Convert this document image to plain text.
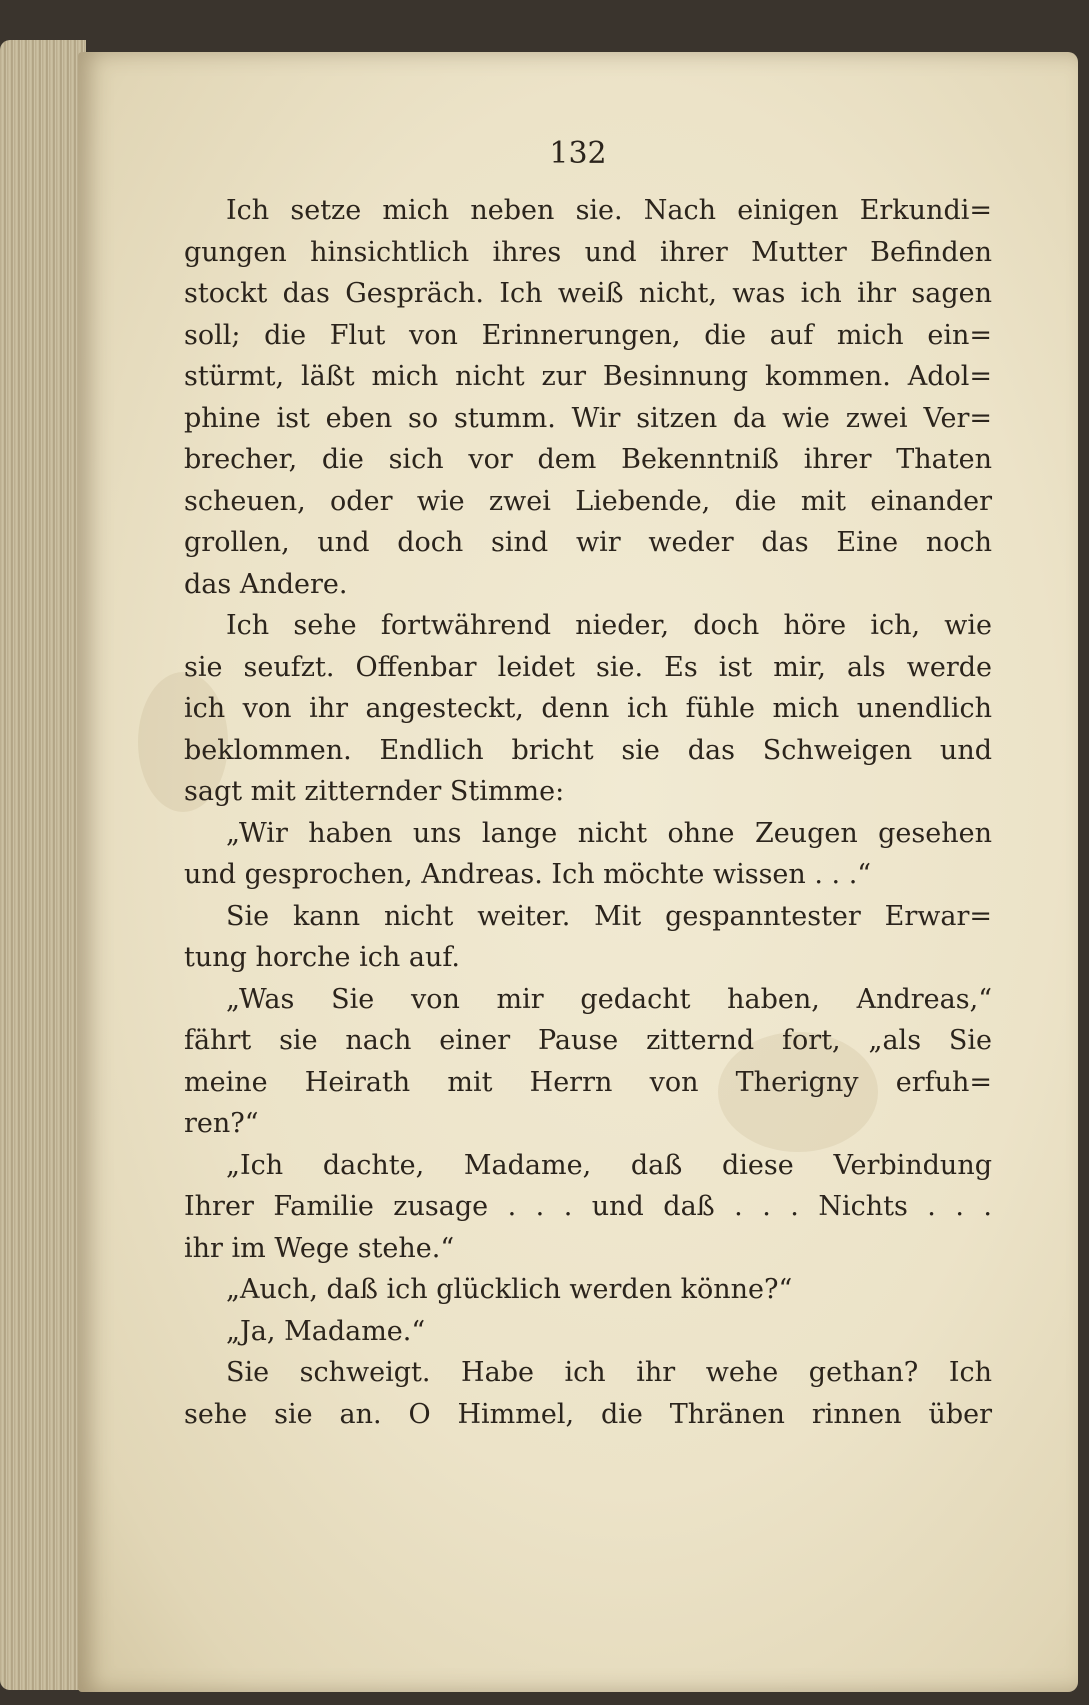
132
Ich setze mich neben sie. Nach einigen Erkundi=
gungen hinsichtlich ihres und ihrer Mutter Befinden
stockt das Gespräch. Ich weiß nicht, was ich ihr sagen
soll; die Flut von Erinnerungen, die auf mich ein=
stürmt, läßt mich nicht zur Besinnung kommen. Adol=
phine ist eben so stumm. Wir sitzen da wie zwei Ver=
brecher, die sich vor dem Bekenntniß ihrer Thaten
scheuen, oder wie zwei Liebende, die mit einander
grollen, und doch sind wir weder das Eine noch
das Andere.
Ich sehe fortwährend nieder, doch höre ich, wie
sie seufzt. Offenbar leidet sie. Es ist mir, als werde
ich von ihr angesteckt, denn ich fühle mich unendlich
beklommen. Endlich bricht sie das Schweigen und
sagt mit zitternder Stimme:
„Wir haben uns lange nicht ohne Zeugen gesehen
und gesprochen, Andreas. Ich möchte wissen . . .“
Sie kann nicht weiter. Mit gespanntester Erwar=
tung horche ich auf.
„Was Sie von mir gedacht haben, Andreas,“
fährt sie nach einer Pause zitternd fort, „als Sie
meine Heirath mit Herrn von Therigny erfuh=
ren?“
„Ich dachte, Madame, daß diese Verbindung
Ihrer Familie zusage . . . und daß . . . Nichts . . .
ihr im Wege stehe.“
„Auch, daß ich glücklich werden könne?“
„Ja, Madame.“
Sie schweigt. Habe ich ihr wehe gethan? Ich
sehe sie an. O Himmel, die Thränen rinnen über
